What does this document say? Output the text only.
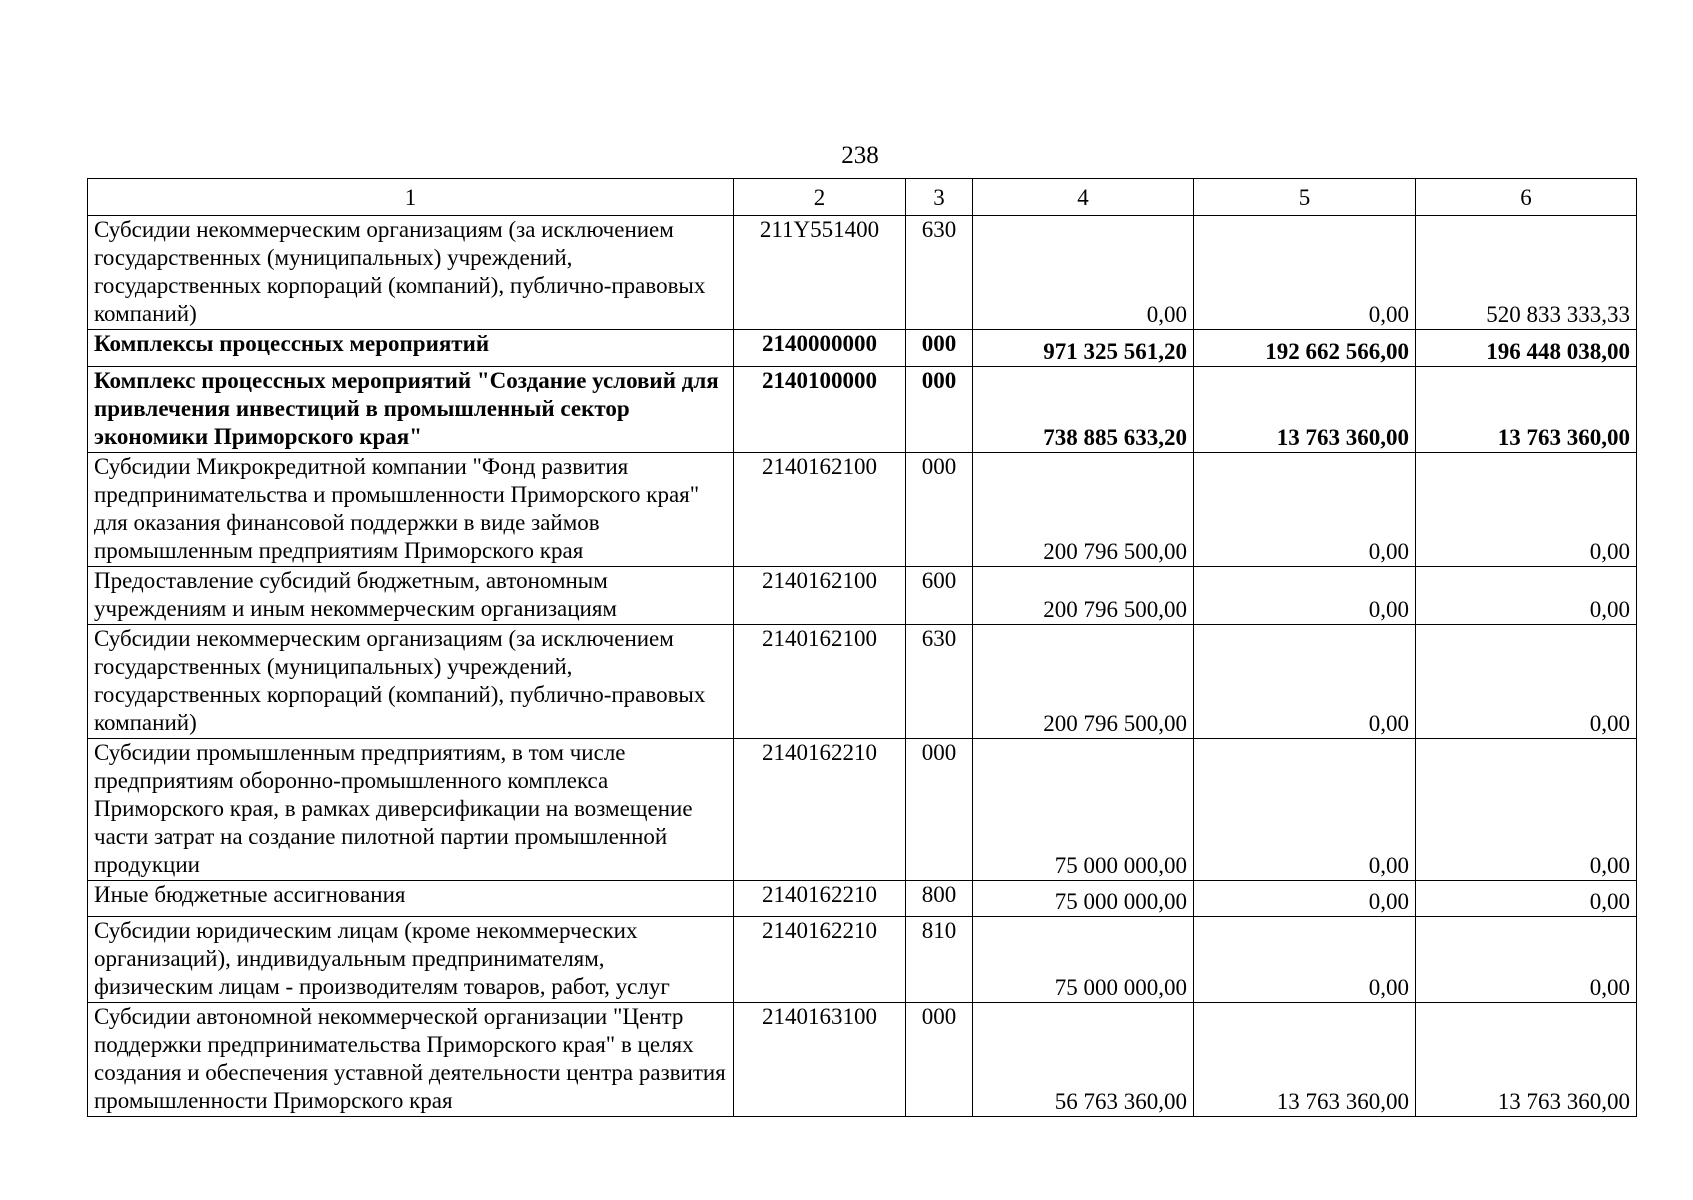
238
1	2	3	4	5	6
Субсидии некоммерческим организациям (за исключением государственных (муниципальных) учреждений, государственных корпораций (компаний), публично-правовых компаний)	211Y551400	630	0,00	0,00	520 833 333,33
Комплексы процессных мероприятий	2140000000	000	971 325 561,20	192 662 566,00	196 448 038,00
Комплекс процессных мероприятий "Создание условий для привлечения инвестиций в промышленный сектор экономики Приморского края"	2140100000	000	738 885 633,20	13 763 360,00	13 763 360,00
Субсидии Микрокредитной компании "Фонд развития предпринимательства и промышленности Приморского края" для оказания финансовой поддержки в виде займов промышленным предприятиям Приморского края	2140162100	000	200 796 500,00	0,00	0,00
Предоставление субсидий бюджетным, автономным учреждениям и иным некоммерческим организациям	2140162100	600	200 796 500,00	0,00	0,00
Субсидии некоммерческим организациям (за исключением государственных (муниципальных) учреждений, государственных корпораций (компаний), публично-правовых компаний)	2140162100	630	200 796 500,00	0,00	0,00
Субсидии промышленным предприятиям, в том числе предприятиям оборонно-промышленного комплекса Приморского края, в рамках диверсификации на возмещение части затрат на создание пилотной партии промышленной продукции	2140162210	000	75 000 000,00	0,00	0,00
Иные бюджетные ассигнования	2140162210	800	75 000 000,00	0,00	0,00
Субсидии юридическим лицам (кроме некоммерческих организаций), индивидуальным предпринимателям, физическим лицам - производителям товаров, работ, услуг	2140162210	810	75 000 000,00	0,00	0,00
Субсидии автономной некоммерческой организации "Центр поддержки предпринимательства Приморского края" в целях создания и обеспечения уставной деятельности центра развития промышленности Приморского края	2140163100	000	56 763 360,00	13 763 360,00	13 763 360,00
